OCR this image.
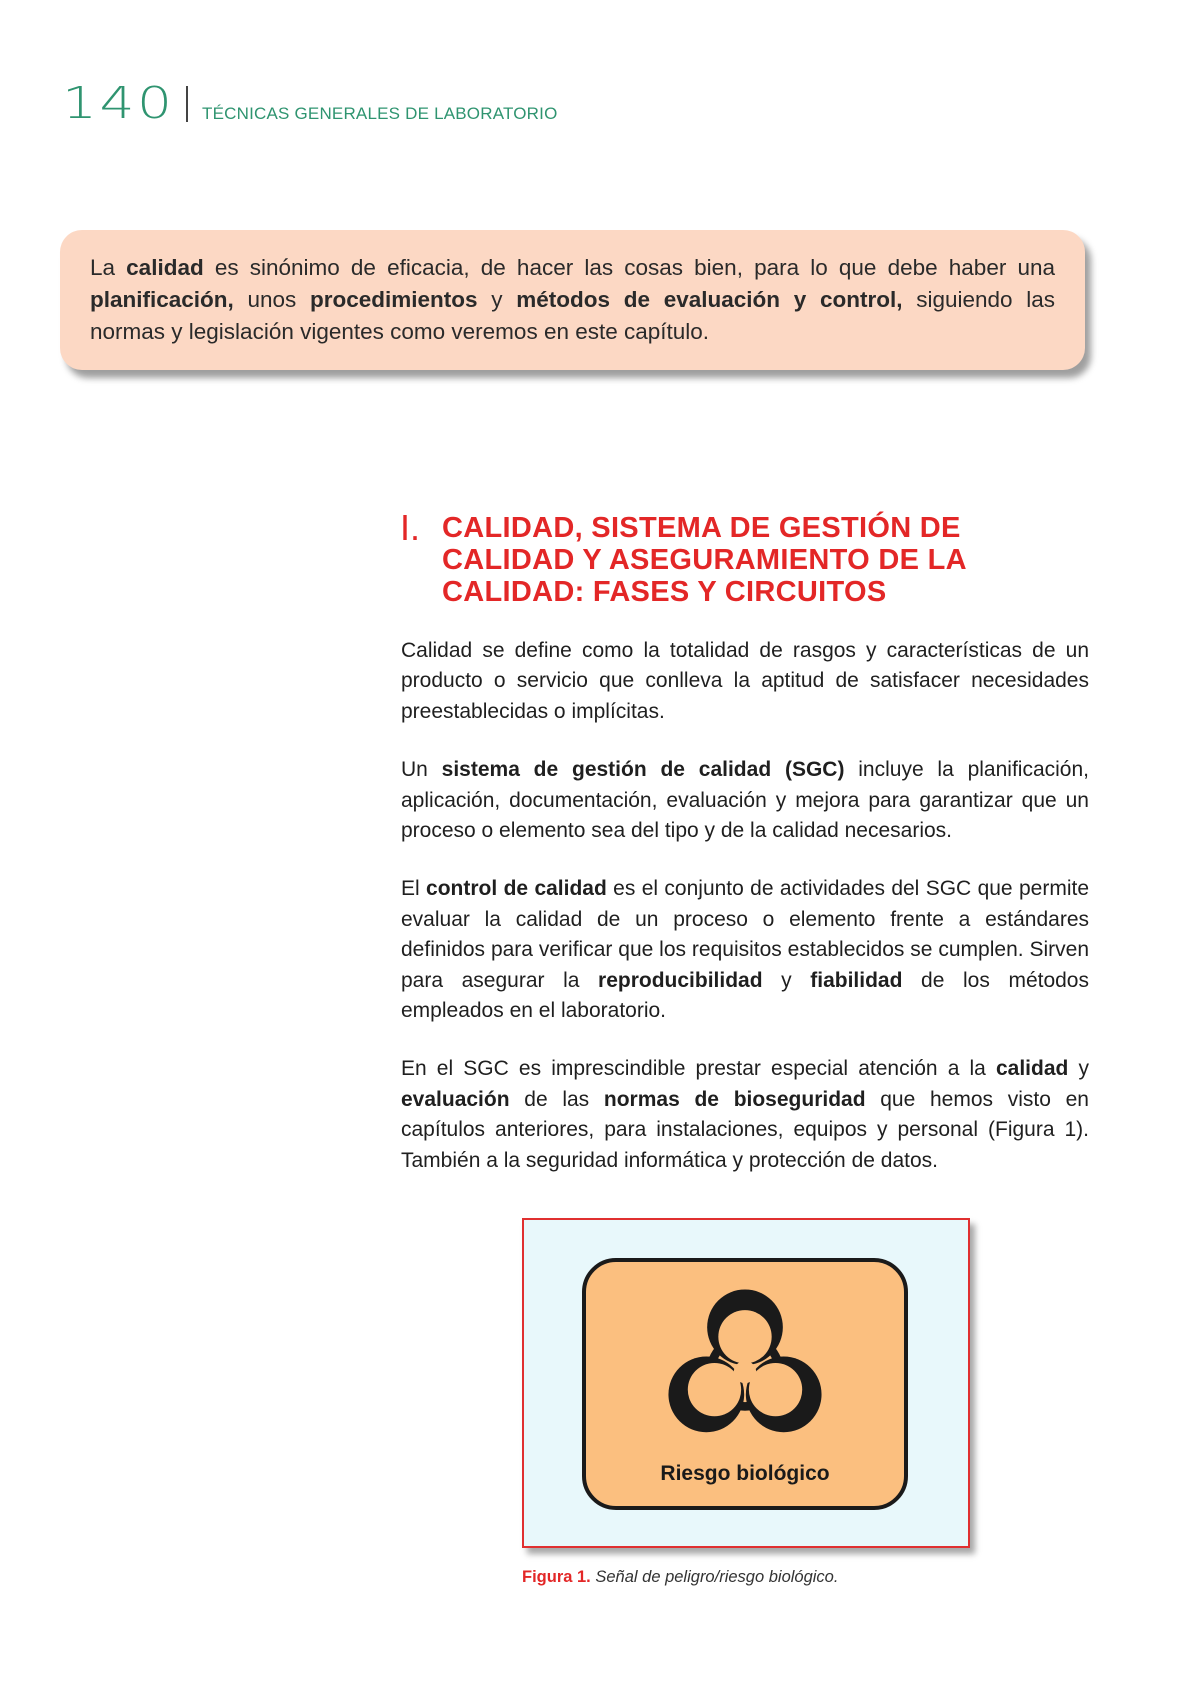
140 TÉCNICAS GENERALES DE LABORATORIO
La calidad es sinónimo de eficacia, de hacer las cosas bien, para lo que debe haber una planificación, unos procedimientos y métodos de evaluación y control, siguiendo las normas y legislación vigentes como veremos en este capítulo.
I. CALIDAD, SISTEMA DE GESTIÓN DE CALIDAD Y ASEGURAMIENTO DE LA CALIDAD: FASES Y CIRCUITOS

Calidad se define como la totalidad de rasgos y características de un producto o servicio que conlleva la aptitud de satisfacer necesidades preestablecidas o implícitas.

Un sistema de gestión de calidad (SGC) incluye la planificación, aplicación, documentación, evaluación y mejora para garantizar que un proceso o elemento sea del tipo y de la calidad necesarios.

El control de calidad es el conjunto de actividades del SGC que permite evaluar la calidad de un proceso o elemento frente a estándares definidos para verificar que los requisitos establecidos se cumplen. Sirven para asegurar la reproducibilidad y fiabilidad de los métodos empleados en el laboratorio.

En el SGC es imprescindible prestar especial atención a la calidad y evaluación de las normas de bioseguridad que hemos visto en capítulos anteriores, para instalaciones, equipos y personal (Figura 1). También a la seguridad informática y protección de datos.

Riesgo biológico
Figura 1. Señal de peligro/riesgo biológico.
